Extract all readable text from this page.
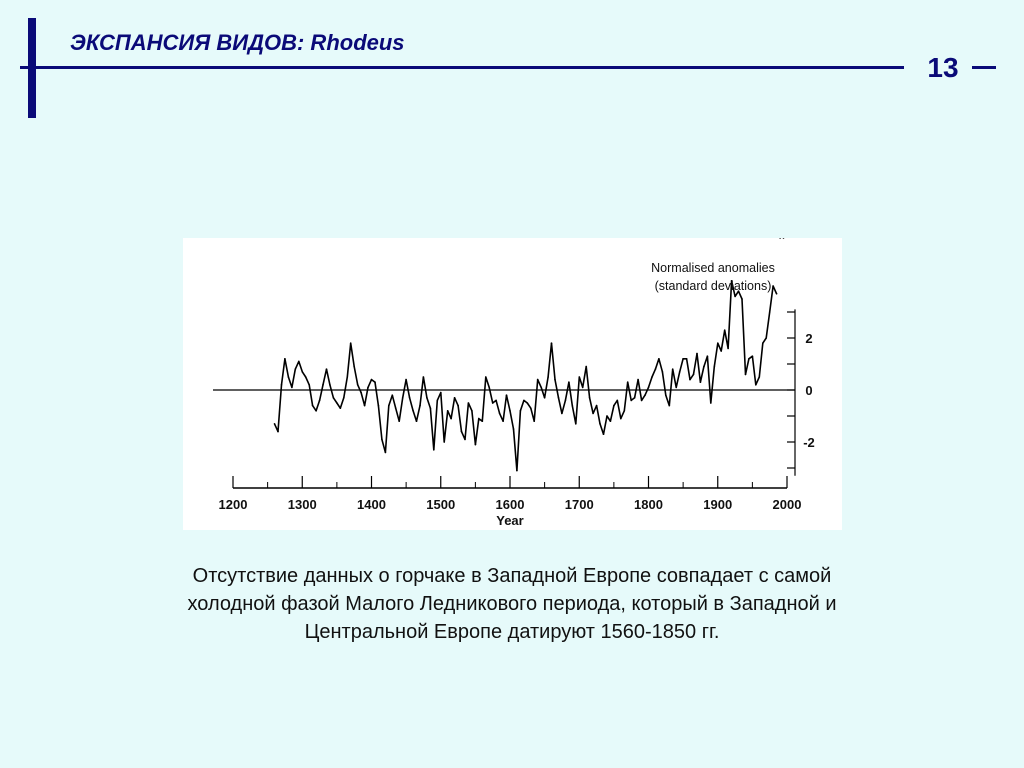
ЭКСПАНСИЯ ВИДОВ: Rhodeus
13
1200	1300	1400	1500	1600	1700	1800	1900	2000
Year
2
0
-2
Normalised anomalies
(standard deviations)
Отсутствие данных о горчаке в Западной Европе совпадает с самой
холодной фазой Малого Ледникового периода, который в Западной и
Центральной Европе датируют 1560-1850 гг.
